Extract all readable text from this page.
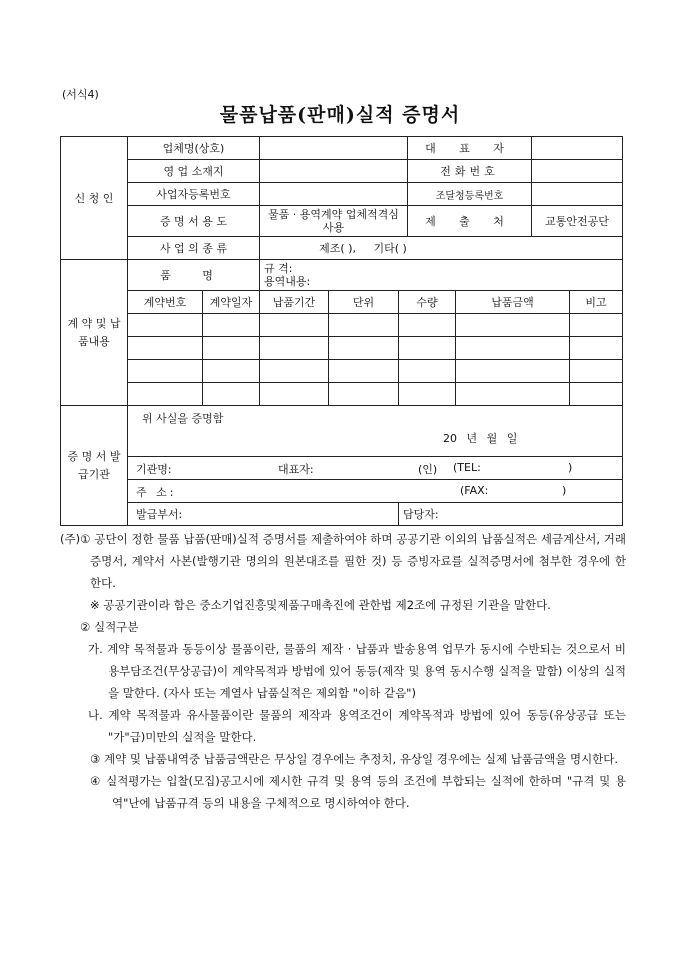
(서식4)
물품납품(판매)실적 증명서
신 청 인	업체명(상호)					대 표 자			
	영 업 소재지					전화번호			
	사업자등록번호					조달청등록번호			
	증 명 서 용 도		물품 · 용역계약 업체적격심사용			제 출 처		교통안전공단	
	사 업 의 종 류		제조( ), 기타( )						
계 약 및 납품내용	품 명		규 격:
용역내용:						

	계약번호	계약일자	납품기간	단위	수량		납품금액		비고

증 명 서 발급기관	위 사실을 증명함
20 년 월 일								

	기관명: 대표자: (인) (TEL: )								

	주 소: (FAX: )								

	발급부서:				담당자:				
(주)① 공단이 정한 물품 납품(판매)실적 증명서를 제출하여야 하며 공공기관 이외의 납품실적은 세금계산서, 거래증명서, 계약서 사본(발행기관 명의의 원본대조를 필한 것) 등 증빙자료를 실적증명서에 첨부한 경우에 한 한다.
※ 공공기관이라 함은 중소기업진흥및제품구매촉진에 관한법 제2조에 규정된 기관을 말한다.
② 실적구분
가. 계약 목적물과 동등이상 물품이란, 물품의 제작 · 납품과 발송용역 업무가 동시에 수반되는 것으로서 비용부담조건(무상공급)이 계약목적과 방법에 있어 동등(제작 및 용역 동시수행 실적을 말함) 이상의 실적을 말한다. (자사 또는 계열사 납품실적은 제외함 "이하 같음")
나. 계약 목적물과 유사물품이란 물품의 제작과 용역조건이 계약목적과 방법에 있어 동등(유상공급 또는 "가"급)미만의 실적을 말한다.
③ 계약 및 납품내역중 납품금액란은 무상일 경우에는 추정치, 유상일 경우에는 실제 납품금액을 명시한다.
④ 실적평가는 입찰(모집)공고시에 제시한 규격 및 용역 등의 조건에 부합되는 실적에 한하며 "규격 및 용역"난에 납품규격 등의 내용을 구체적으로 명시하여야 한다.
